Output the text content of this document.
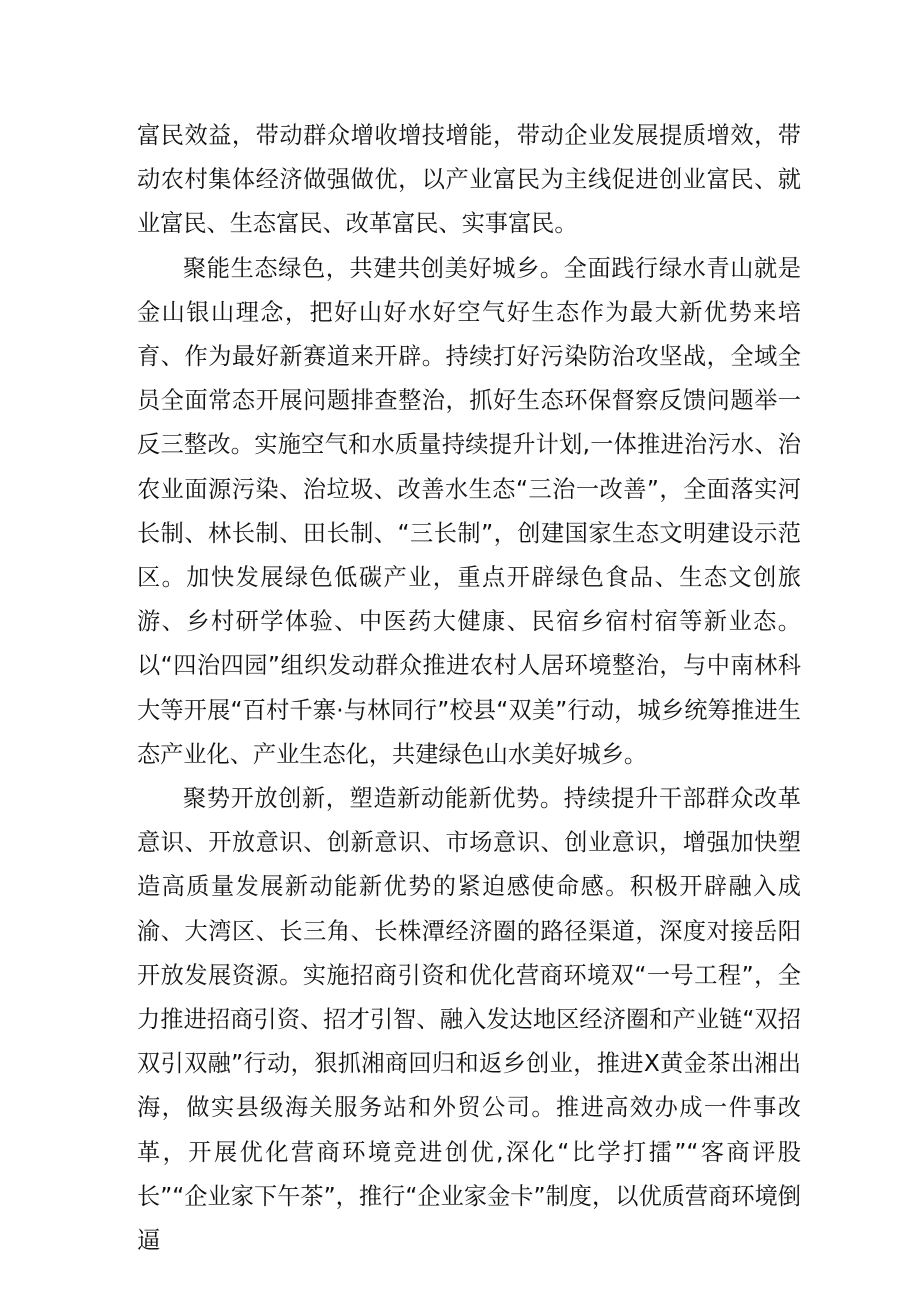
富民效益，带动群众增收增技增能，带动企业发展提质增效，带动农村集体经济做强做优，以产业富民为主线促进创业富民、就业富民、生态富民、改革富民、实事富民。

聚能生态绿色，共建共创美好城乡。全面践行绿水青山就是金山银山理念，把好山好水好空气好生态作为最大新优势来培育、作为最好新赛道来开辟。持续打好污染防治攻坚战，全域全员全面常态开展问题排查整治，抓好生态环保督察反馈问题举一反三整改。实施空气和水质量持续提升计划,一体推进治污水、治农业面源污染、治垃圾、改善水生态“三治一改善”，全面落实河长制、林长制、田长制、“三长制”，创建国家生态文明建设示范区。加快发展绿色低碳产业，重点开辟绿色食品、生态文创旅游、乡村研学体验、中医药大健康、民宿乡宿村宿等新业态。以“四治四园”组织发动群众推进农村人居环境整治，与中南林科大等开展“百村千寨·与林同行”校县“双美”行动，城乡统筹推进生态产业化、产业生态化，共建绿色山水美好城乡。

聚势开放创新，塑造新动能新优势。持续提升干部群众改革意识、开放意识、创新意识、市场意识、创业意识，增强加快塑造高质量发展新动能新优势的紧迫感使命感。积极开辟融入成渝、大湾区、长三角、长株潭经济圈的路径渠道，深度对接岳阳开放发展资源。实施招商引资和优化营商环境双“一号工程”，全力推进招商引资、招才引智、融入发达地区经济圈和产业链“双招双引双融”行动，狠抓湘商回归和返乡创业，推进X黄金茶出湘出海，做实县级海关服务站和外贸公司。推进高效办成一件事改革，开展优化营商环境竞进创优,深化“比学打擂”“客商评股长”“企业家下午茶”，推行“企业家金卡”制度，以优质营商环境倒逼
